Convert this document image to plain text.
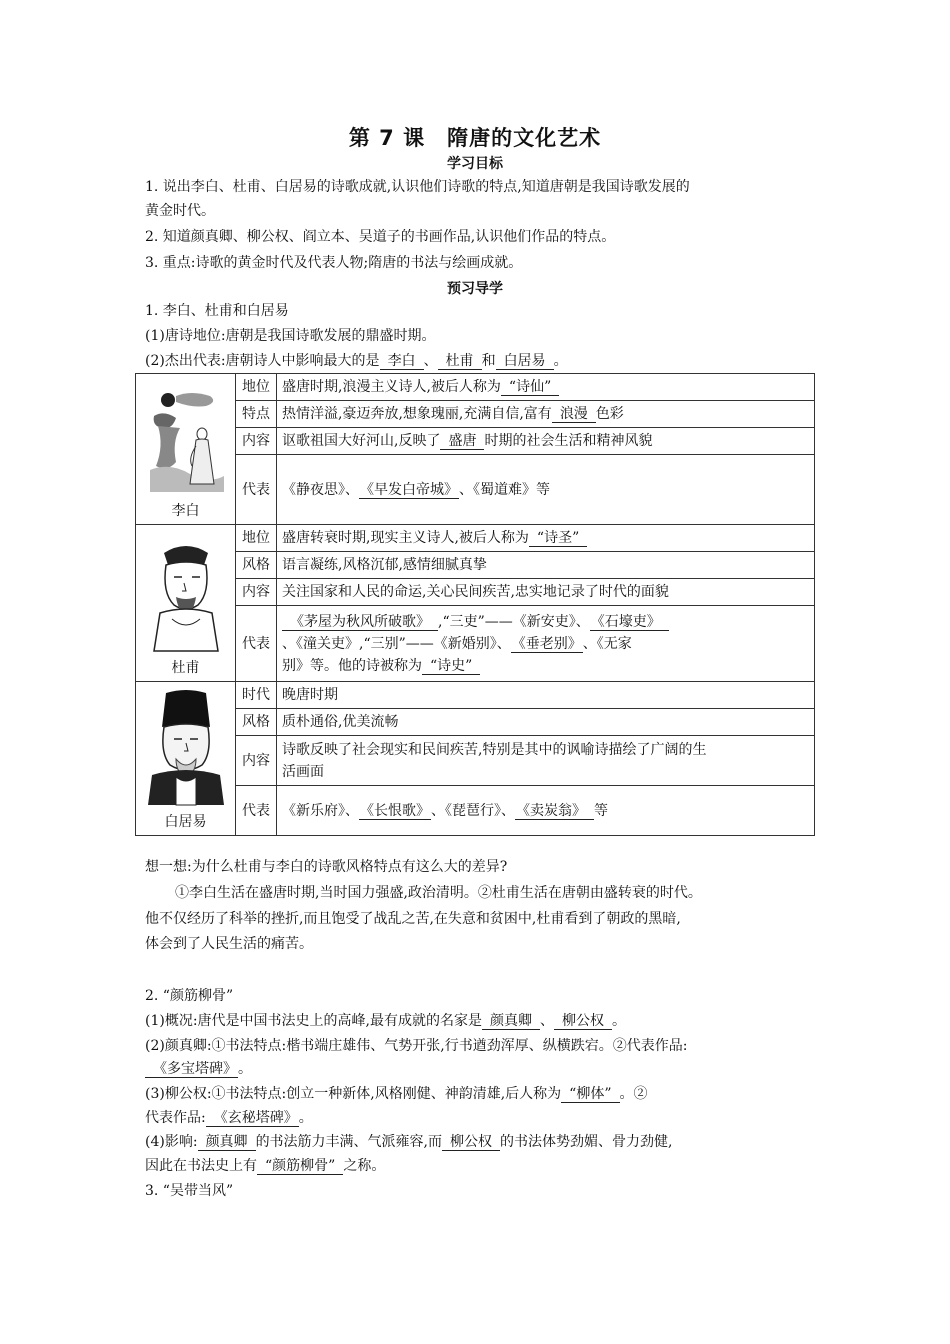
第 7 课　隋唐的文化艺术
学习目标
1. 说出李白、杜甫、白居易的诗歌成就,认识他们诗歌的特点,知道唐朝是我国诗歌发展的
黄金时代。
2. 知道颜真卿、柳公权、阎立本、吴道子的书画作品,认识他们作品的特点。
3. 重点:诗歌的黄金时代及代表人物;隋唐的书法与绘画成就。
预习导学
1. 李白、杜甫和白居易
(1)唐诗地位:唐朝是我国诗歌发展的鼎盛时期。
(2)杰出代表:唐朝诗人中影响最大的是 李白 、 杜甫 和 白居易 。
李白	地位	盛唐时期,浪漫主义诗人,被后人称为 “诗仙”
	特点	热情洋溢,豪迈奔放,想象瑰丽,充满自信,富有 浪漫 色彩
	内容	讴歌祖国大好河山,反映了 盛唐 时期的社会生活和精神风貌
	代表	《静夜思》、 《早发白帝城》 、《蜀道难》等

杜甫	地位	盛唐转衰时期,现实主义诗人,被后人称为 “诗圣”
	风格	语言凝练,风格沉郁,感情细腻真挚
	内容	关注国家和人民的命运,关心民间疾苦,忠实地记录了时代的面貌
	代表	《茅屋为秋风所破歌》 ,“三吏”——《新安吏》、 《石壕吏》
、《潼关吏》,“三别”——《新婚别》、 《垂老别》 、《无家
别》等。他的诗被称为 “诗史”

白居易	时代	晚唐时期
	风格	质朴通俗,优美流畅
	内容	诗歌反映了社会现实和民间疾苦,特别是其中的讽喻诗描绘了广阔的生
活画面
	代表	《新乐府》、 《长恨歌》 、《琵琶行》、 《卖炭翁》 等
想一想:为什么杜甫与李白的诗歌风格特点有这么大的差异?
①李白生活在盛唐时期,当时国力强盛,政治清明。②杜甫生活在唐朝由盛转衰的时代。
他不仅经历了科举的挫折,而且饱受了战乱之苦,在失意和贫困中,杜甫看到了朝政的黑暗,
体会到了人民生活的痛苦。
2. “颜筋柳骨”
(1)概况:唐代是中国书法史上的高峰,最有成就的名家是 颜真卿 、 柳公权 。
(2)颜真卿:①书法特点:楷书端庄雄伟、气势开张,行书遒劲浑厚、纵横跌宕。②代表作品:
《多宝塔碑》 。
(3)柳公权:①书法特点:创立一种新体,风格刚健、神韵清雄,后人称为 “柳体” 。②
代表作品: 《玄秘塔碑》 。
(4)影响: 颜真卿 的书法筋力丰满、气派雍容,而 柳公权 的书法体势劲媚、骨力劲健,
因此在书法史上有 “颜筋柳骨” 之称。
3. “吴带当风”
